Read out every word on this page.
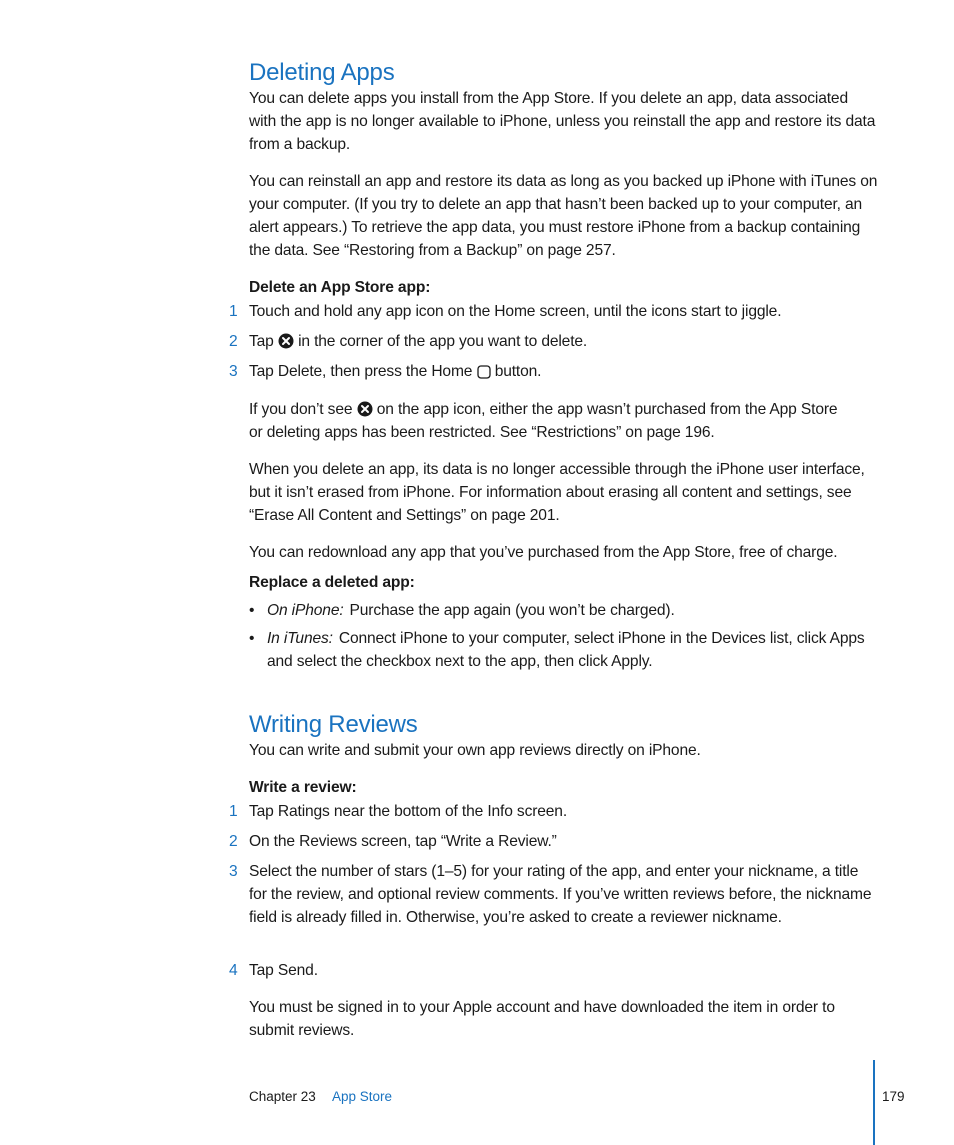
Deleting Apps
You can delete apps you install from the App Store. If you delete an app, data associated with the app is no longer available to iPhone, unless you reinstall the app and restore its data from a backup.
You can reinstall an app and restore its data as long as you backed up iPhone with iTunes on your computer. (If you try to delete an app that hasn’t been backed up to your computer, an alert appears.) To retrieve the app data, you must restore iPhone from a backup containing the data. See “Restoring from a Backup” on page 257.
Delete an App Store app:
1 Touch and hold any app icon on the Home screen, until the icons start to jiggle.
2 Tap in the corner of the app you want to delete.
3 Tap Delete, then press the Home button.
If you don’t see on the app icon, either the app wasn’t purchased from the App Store or deleting apps has been restricted. See “Restrictions” on page 196.
When you delete an app, its data is no longer accessible through the iPhone user interface, but it isn’t erased from iPhone. For information about erasing all content and settings, see “Erase All Content and Settings” on page 201.
You can redownload any app that you’ve purchased from the App Store, free of charge.
Replace a deleted app:
• On iPhone: Purchase the app again (you won’t be charged).
• In iTunes: Connect iPhone to your computer, select iPhone in the Devices list, click Apps and select the checkbox next to the app, then click Apply.
Writing Reviews
You can write and submit your own app reviews directly on iPhone.
Write a review:
1 Tap Ratings near the bottom of the Info screen.
2 On the Reviews screen, tap “Write a Review.”
3 Select the number of stars (1–5) for your rating of the app, and enter your nickname, a title for the review, and optional review comments. If you’ve written reviews before, the nickname field is already filled in. Otherwise, you’re asked to create a reviewer nickname.
4 Tap Send.
You must be signed in to your Apple account and have downloaded the item in order to submit reviews.
Chapter 23 App Store	179
